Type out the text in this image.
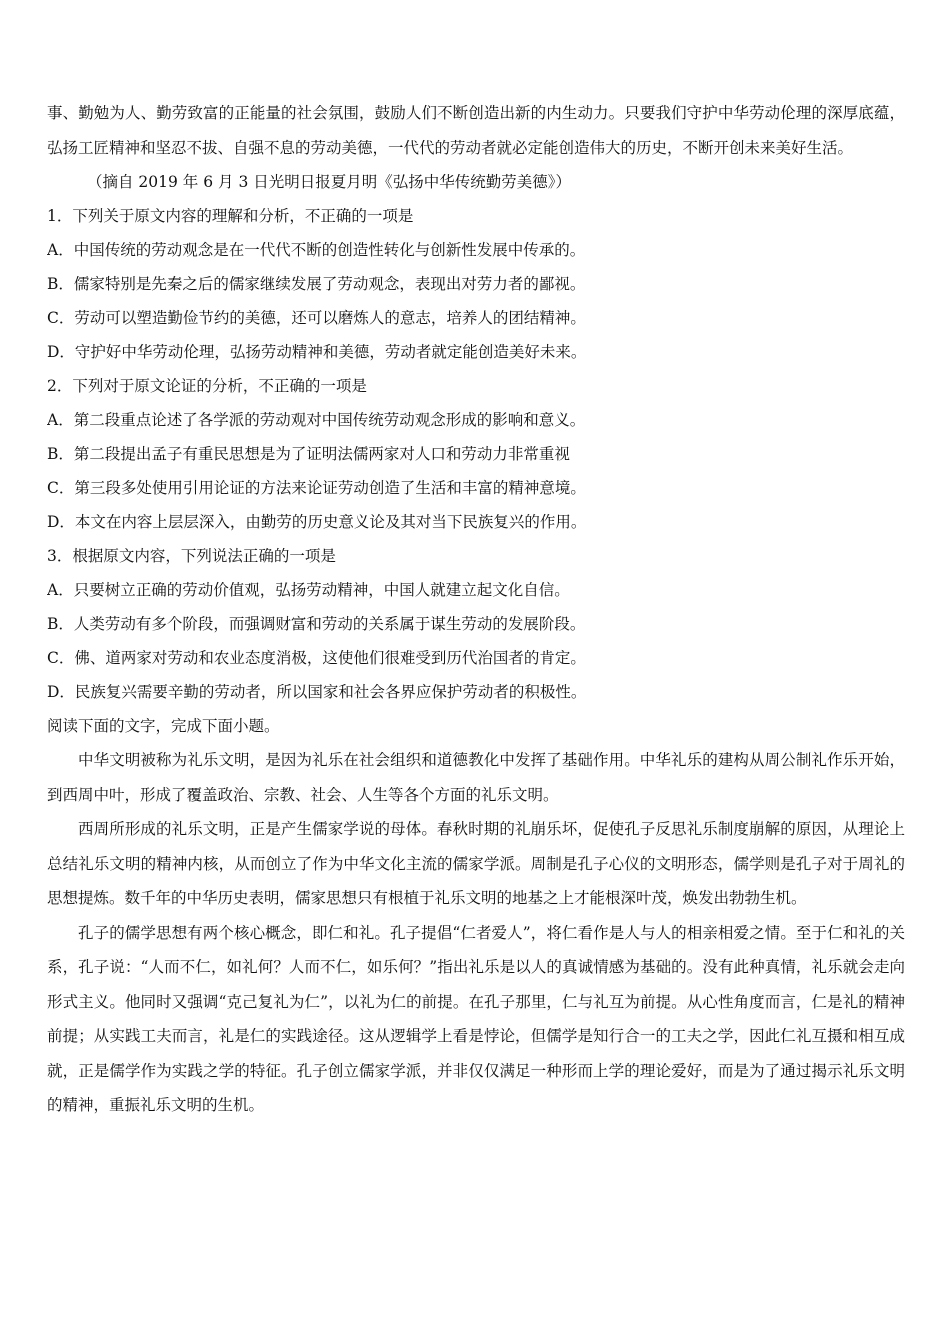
事、勤勉为人、勤劳致富的正能量的社会氛围，鼓励人们不断创造出新的内生动力。只要我们守护中华劳动伦理的深厚底蕴，弘扬工匠精神和坚忍不拔、自强不息的劳动美德，一代代的劳动者就必定能创造伟大的历史，不断开创未来美好生活。

（摘自 2019 年 6 月 3 日光明日报夏月明《弘扬中华传统勤劳美德》）
1．下列关于原文内容的理解和分析，不正确的一项是
A．中国传统的劳动观念是在一代代不断的创造性转化与创新性发展中传承的。
B．儒家特别是先秦之后的儒家继续发展了劳动观念，表现出对劳力者的鄙视。
C．劳动可以塑造勤俭节约的美德，还可以磨炼人的意志，培养人的团结精神。
D．守护好中华劳动伦理，弘扬劳动精神和美德，劳动者就定能创造美好未来。
2．下列对于原文论证的分析，不正确的一项是
A．第二段重点论述了各学派的劳动观对中国传统劳动观念形成的影响和意义。
B．第二段提出孟子有重民思想是为了证明法儒两家对人口和劳动力非常重视
C．第三段多处使用引用论证的方法来论证劳动创造了生活和丰富的精神意境。
D．本文在内容上层层深入，由勤劳的历史意义论及其对当下民族复兴的作用。
3．根据原文内容，下列说法正确的一项是
A．只要树立正确的劳动价值观，弘扬劳动精神，中国人就建立起文化自信。
B．人类劳动有多个阶段，而强调财富和劳动的关系属于谋生劳动的发展阶段。
C．佛、道两家对劳动和农业态度消极，这使他们很难受到历代治国者的肯定。
D．民族复兴需要辛勤的劳动者，所以国家和社会各界应保护劳动者的积极性。
阅读下面的文字，完成下面小题。

中华文明被称为礼乐文明，是因为礼乐在社会组织和道德教化中发挥了基础作用。中华礼乐的建构从周公制礼作乐开始，到西周中叶，形成了覆盖政治、宗教、社会、人生等各个方面的礼乐文明。

西周所形成的礼乐文明，正是产生儒家学说的母体。春秋时期的礼崩乐坏，促使孔子反思礼乐制度崩解的原因，从理论上总结礼乐文明的精神内核，从而创立了作为中华文化主流的儒家学派。周制是孔子心仪的文明形态，儒学则是孔子对于周礼的思想提炼。数千年的中华历史表明，儒家思想只有根植于礼乐文明的地基之上才能根深叶茂，焕发出勃勃生机。

孔子的儒学思想有两个核心概念，即仁和礼。孔子提倡“仁者爱人”，将仁看作是人与人的相亲相爱之情。至于仁和礼的关系，孔子说：“人而不仁，如礼何？人而不仁，如乐何？”指出礼乐是以人的真诚情感为基础的。没有此种真情，礼乐就会走向形式主义。他同时又强调“克己复礼为仁”，以礼为仁的前提。在孔子那里，仁与礼互为前提。从心性角度而言，仁是礼的精神前提；从实践工夫而言，礼是仁的实践途径。这从逻辑学上看是悖论，但儒学是知行合一的工夫之学，因此仁礼互摄和相互成就，正是儒学作为实践之学的特征。孔子创立儒家学派，并非仅仅满足一种形而上学的理论爱好，而是为了通过揭示礼乐文明的精神，重振礼乐文明的生机。
